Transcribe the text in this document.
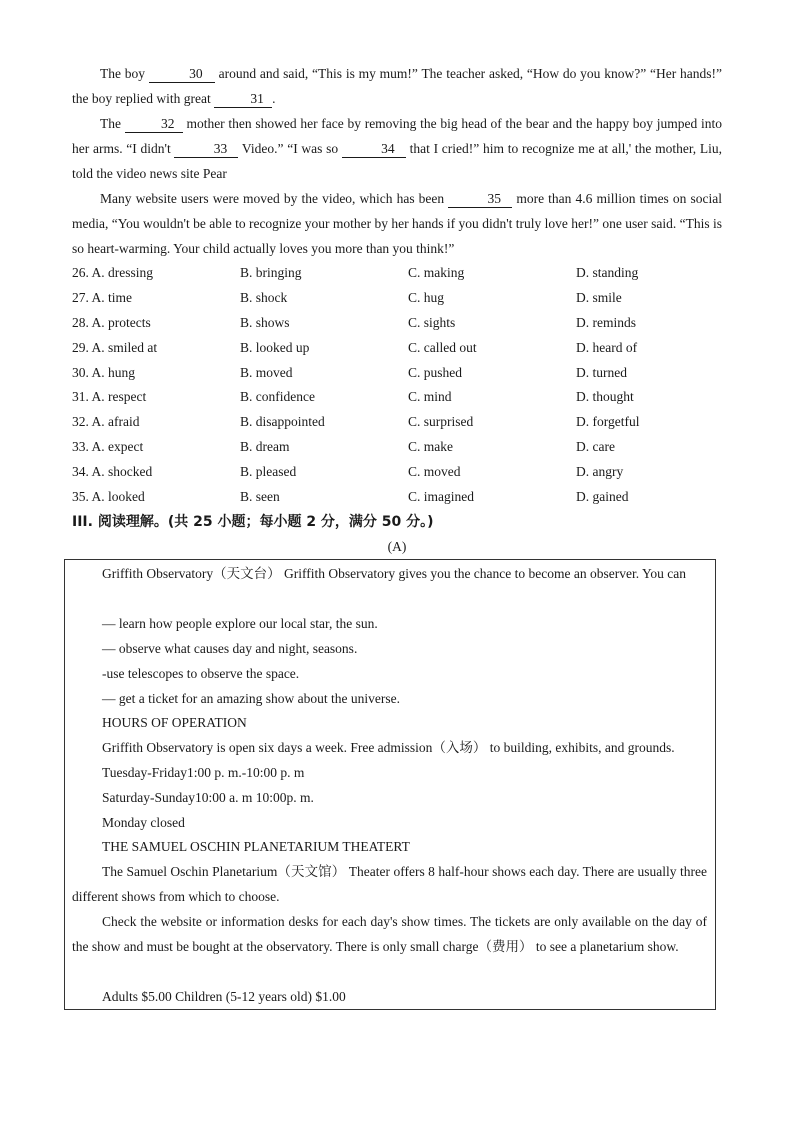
The boy	30 around and said, “This is my mum!” The teacher asked, “How do you know?” “Her hands!” the boy replied with great	31 .

The	32 mother then showed her face by removing the big head of the bear and the happy boy jumped into her arms. “I didn't	33 Video.” “I was so	34 that I cried!” him to recognize me at all,' the mother, Liu, told the video news site Pear

Many website users were moved by the video, which has been	35 more than 4.6 million times on social media, “You wouldn't be able to recognize your mother by her hands if you didn't truly love her!” one user said. “This is so heart-warming. Your child actually loves you more than you think!”

26. A. dressing	B. bringing	C. making	D. standing
27. A. time	B. shock	C. hug	D. smile
28. A. protects	B. shows	C. sights	D. reminds
29. A. smiled at	B. looked up	C. called out	D. heard of
30. A. hung	B. moved	C. pushed	D. turned
31. A. respect	B. confidence	C. mind	D. thought
32. A. afraid	B. disappointed	C. surprised	D. forgetful
33. A. expect	B. dream	C. make	D. care
34. A. shocked	B. pleased	C. moved	D. angry
35. A. looked	B. seen	C. imagined	D. gained
III. 阅读理解。(共 25 小题；每小题 2 分，满分 50 分。)
(A)

Griffith Observatory（天文台） Griffith Observatory gives you the chance to become an observer. You can

— learn how people explore our local star, the sun.
— observe what causes day and night, seasons.
-use telescopes to observe the space.
— get a ticket for an amazing show about the universe.
HOURS OF OPERATION
Griffith Observatory is open six days a week. Free admission（入场） to building, exhibits, and grounds.
Tuesday-Friday1:00 p. m.-10:00 p. m
Saturday-Sunday10:00 a. m 10:00p. m.
Monday closed
THE SAMUEL OSCHIN PLANETARIUM THEATERT

The Samuel Oschin Planetarium（天文馆） Theater offers 8 half-hour shows each day. There are usually three different shows from which to choose.

Check the website or information desks for each day's show times. The tickets are only available on the day of the show and must be bought at the observatory. There is only small charge（费用） to see a planetarium show.

Adults $5.00 Children (5-12 years old) $1.00
